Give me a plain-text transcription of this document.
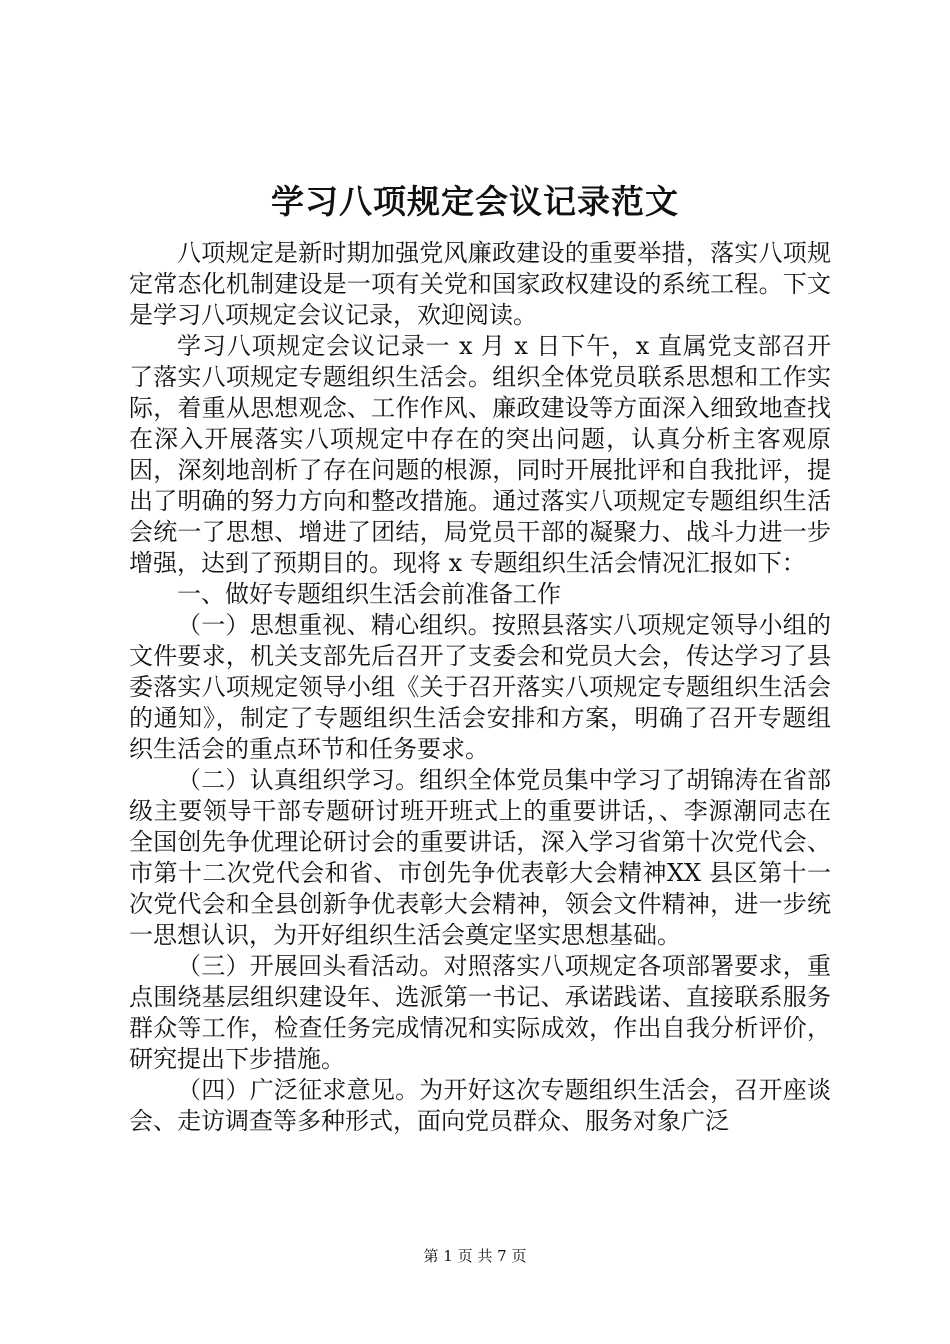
学习八项规定会议记录范文

八项规定是新时期加强党风廉政建设的重要举措，落实八项规定常态化机制建设是一项有关党和国家政权建设的系统工程。下文是学习八项规定会议记录，欢迎阅读。

学习八项规定会议记录一 x 月 x 日下午，x 直属党支部召开了落实八项规定专题组织生活会。组织全体党员联系思想和工作实际，着重从思想观念、工作作风、廉政建设等方面深入细致地查找在深入开展落实八项规定中存在的突出问题，认真分析主客观原因，深刻地剖析了存在问题的根源，同时开展批评和自我批评，提出了明确的努力方向和整改措施。通过落实八项规定专题组织生活会统一了思想、增进了团结，局党员干部的凝聚力、战斗力进一步增强，达到了预期目的。现将 x 专题组织生活会情况汇报如下：

一、做好专题组织生活会前准备工作

（一）思想重视、精心组织。按照县落实八项规定领导小组的文件要求，机关支部先后召开了支委会和党员大会，传达学习了县委落实八项规定领导小组《关于召开落实八项规定专题组织生活会的通知》，制定了专题组织生活会安排和方案，明确了召开专题组织生活会的重点环节和任务要求。

（二）认真组织学习。组织全体党员集中学习了胡锦涛在省部级主要领导干部专题研讨班开班式上的重要讲话，、李源潮同志在全国创先争优理论研讨会的重要讲话，深入学习省第十次党代会、市第十二次党代会和省、市创先争优表彰大会精神XX 县区第十一次党代会和全县创新争优表彰大会精神，领会文件精神，进一步统一思想认识，为开好组织生活会奠定坚实思想基础。

（三）开展回头看活动。对照落实八项规定各项部署要求，重点围绕基层组织建设年、选派第一书记、承诺践诺、直接联系服务群众等工作，检查任务完成情况和实际成效，作出自我分析评价，研究提出下步措施。

（四）广泛征求意见。为开好这次专题组织生活会，召开座谈会、走访调查等多种形式，面向党员群众、服务对象广泛

第 1 页 共 7 页
